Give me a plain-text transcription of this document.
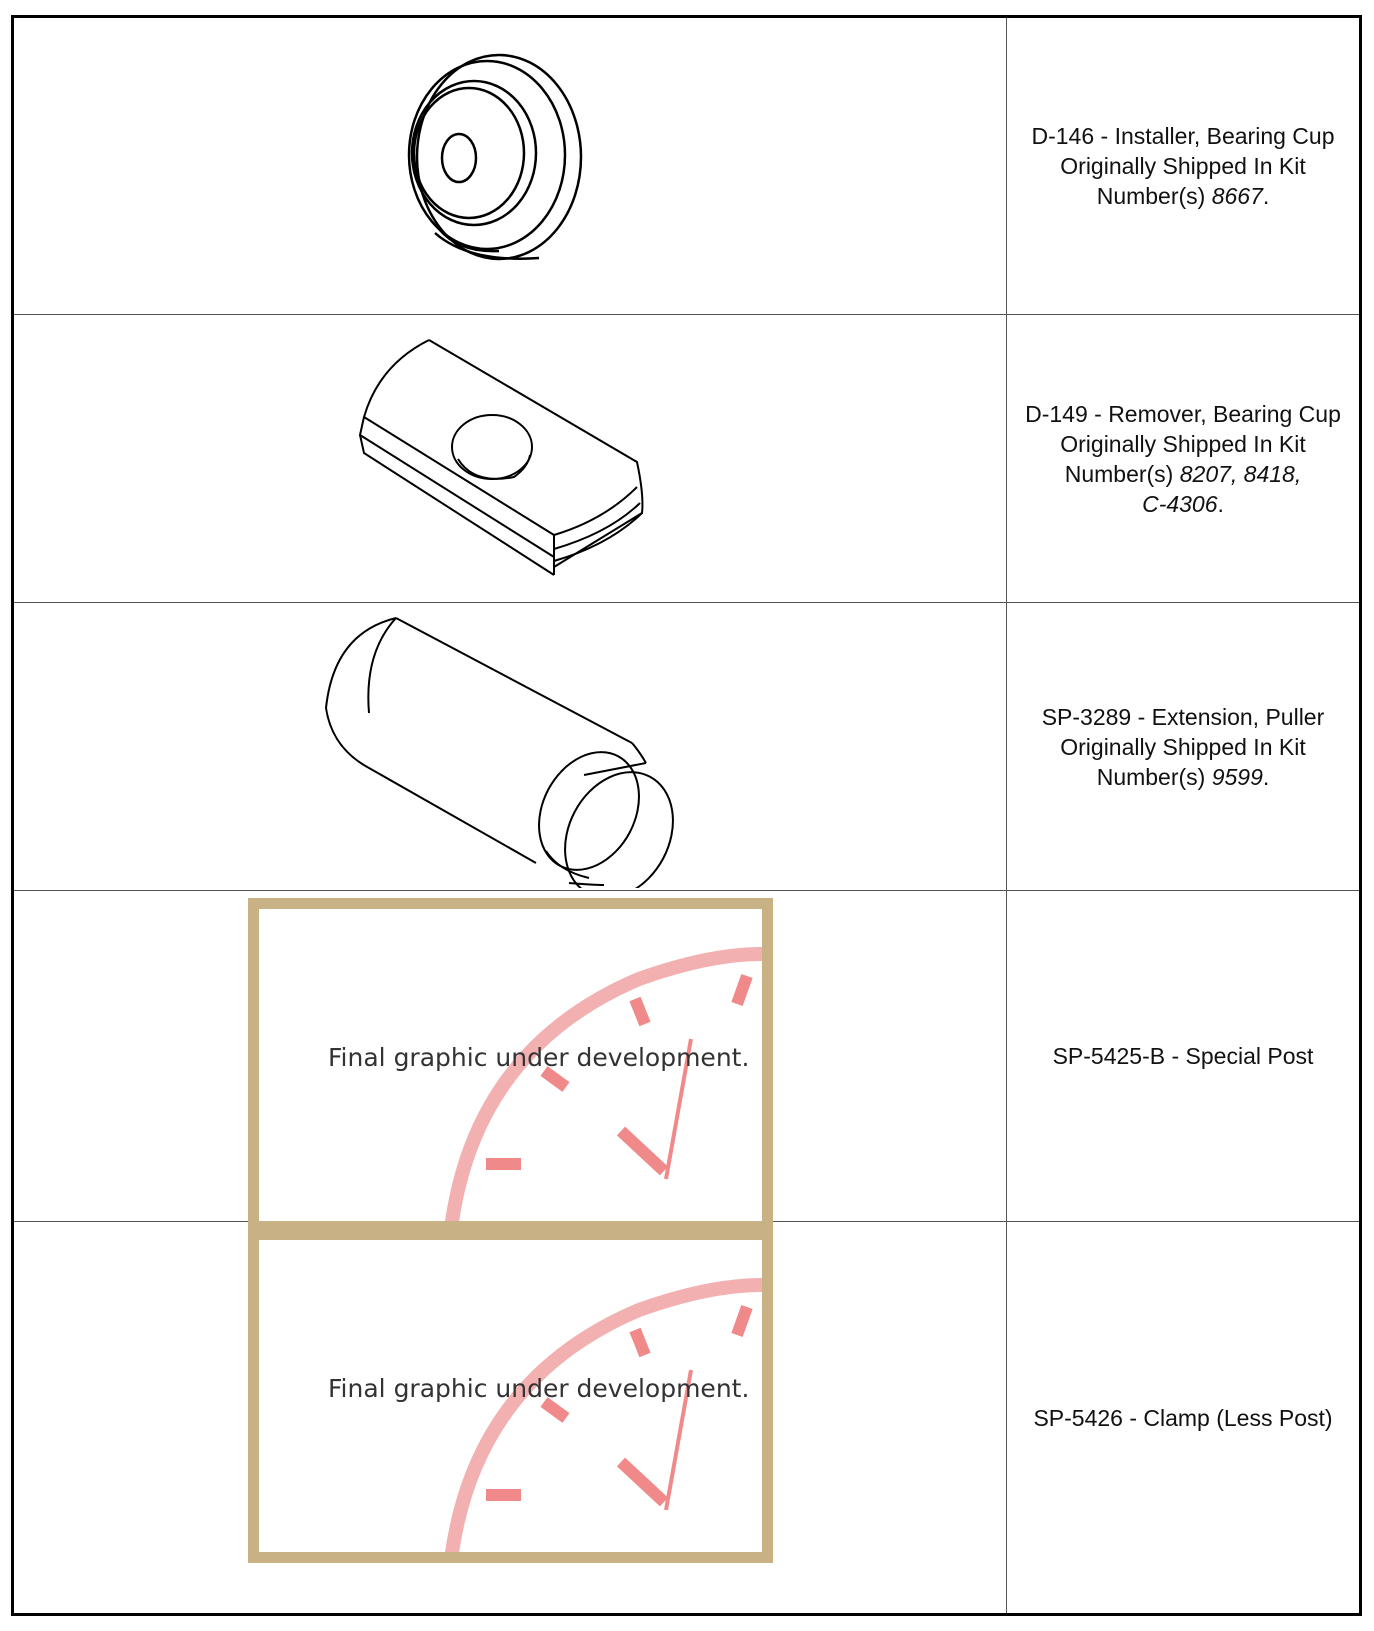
D-146 - Installer, Bearing Cup
Originally Shipped In Kit
Number(s) 8667.
D-149 - Remover, Bearing Cup
Originally Shipped In Kit
Number(s) 8207, 8418,
C-4306.
SP-3289 - Extension, Puller
Originally Shipped In Kit
Number(s) 9599.
Final graphic under development.	SP-5425-B - Special Post
Final graphic under development.
SP-5426 - Clamp (Less Post)
